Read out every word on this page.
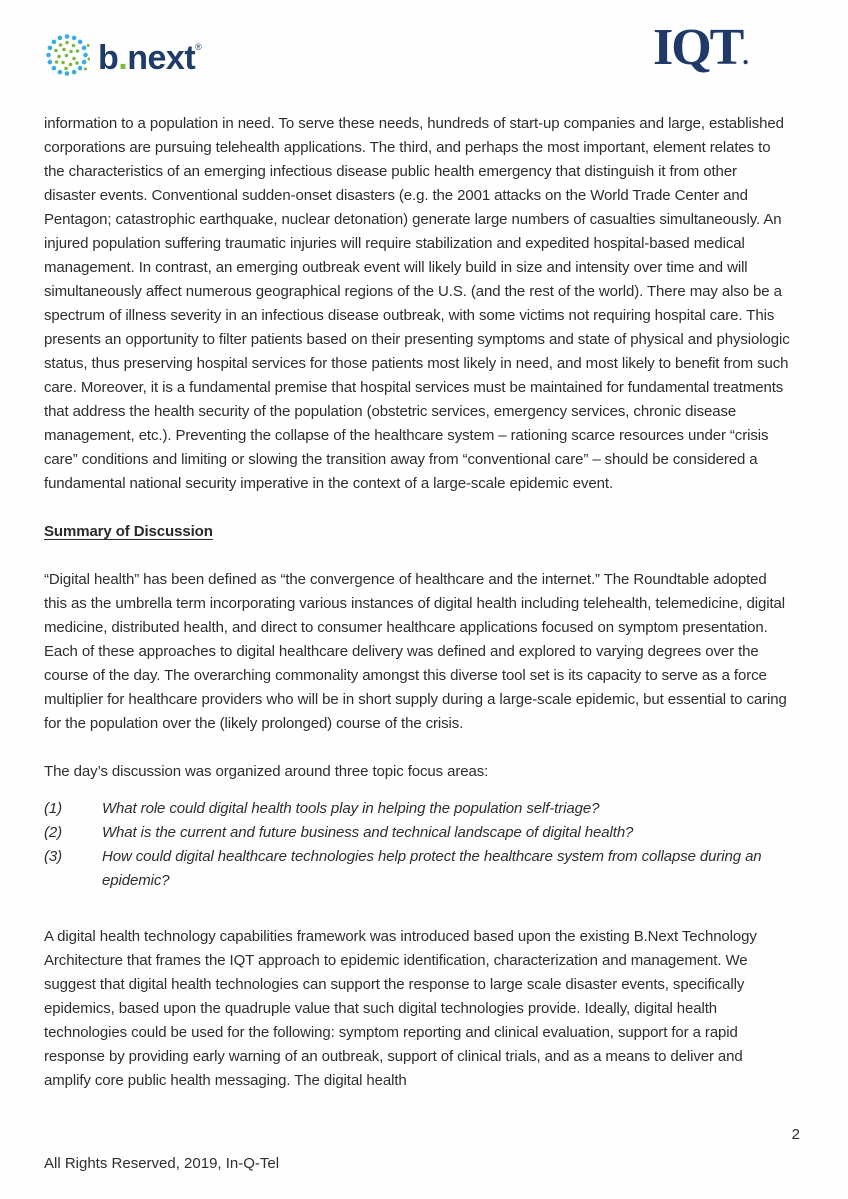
b.next®	IQT.

information to a population in need. To serve these needs, hundreds of start-up companies and large, established corporations are pursuing telehealth applications. The third, and perhaps the most important, element relates to the characteristics of an emerging infectious disease public health emergency that distinguish it from other disaster events. Conventional sudden-onset disasters (e.g. the 2001 attacks on the World Trade Center and Pentagon; catastrophic earthquake, nuclear detonation) generate large numbers of casualties simultaneously. An injured population suffering traumatic injuries will require stabilization and expedited hospital-based medical management. In contrast, an emerging outbreak event will likely build in size and intensity over time and will simultaneously affect numerous geographical regions of the U.S. (and the rest of the world). There may also be a spectrum of illness severity in an infectious disease outbreak, with some victims not requiring hospital care. This presents an opportunity to filter patients based on their presenting symptoms and state of physical and physiologic status, thus preserving hospital services for those patients most likely in need, and most likely to benefit from such care. Moreover, it is a fundamental premise that hospital services must be maintained for fundamental treatments that address the health security of the population (obstetric services, emergency services, chronic disease management, etc.). Preventing the collapse of the healthcare system – rationing scarce resources under “crisis care” conditions and limiting or slowing the transition away from “conventional care” – should be considered a fundamental national security imperative in the context of a large-scale epidemic event.

Summary of Discussion

“Digital health” has been defined as “the convergence of healthcare and the internet.” The Roundtable adopted this as the umbrella term incorporating various instances of digital health including telehealth, telemedicine, digital medicine, distributed health, and direct to consumer healthcare applications focused on symptom presentation. Each of these approaches to digital healthcare delivery was defined and explored to varying degrees over the course of the day. The overarching commonality amongst this diverse tool set is its capacity to serve as a force multiplier for healthcare providers who will be in short supply during a large-scale epidemic, but essential to caring for the population over the (likely prolonged) course of the crisis.

The day’s discussion was organized around three topic focus areas:

(1)	What role could digital health tools play in helping the population self-triage?
(2)	What is the current and future business and technical landscape of digital health?
(3)	How could digital healthcare technologies help protect the healthcare system from collapse during an epidemic?

A digital health technology capabilities framework was introduced based upon the existing B.Next Technology Architecture that frames the IQT approach to epidemic identification, characterization and management. We suggest that digital health technologies can support the response to large scale disaster events, specifically epidemics, based upon the quadruple value that such digital technologies provide. Ideally, digital health technologies could be used for the following: symptom reporting and clinical evaluation, support for a rapid response by providing early warning of an outbreak, support of clinical trials, and as a means to deliver and amplify core public health messaging. The digital health

2
All Rights Reserved, 2019, In-Q-Tel
